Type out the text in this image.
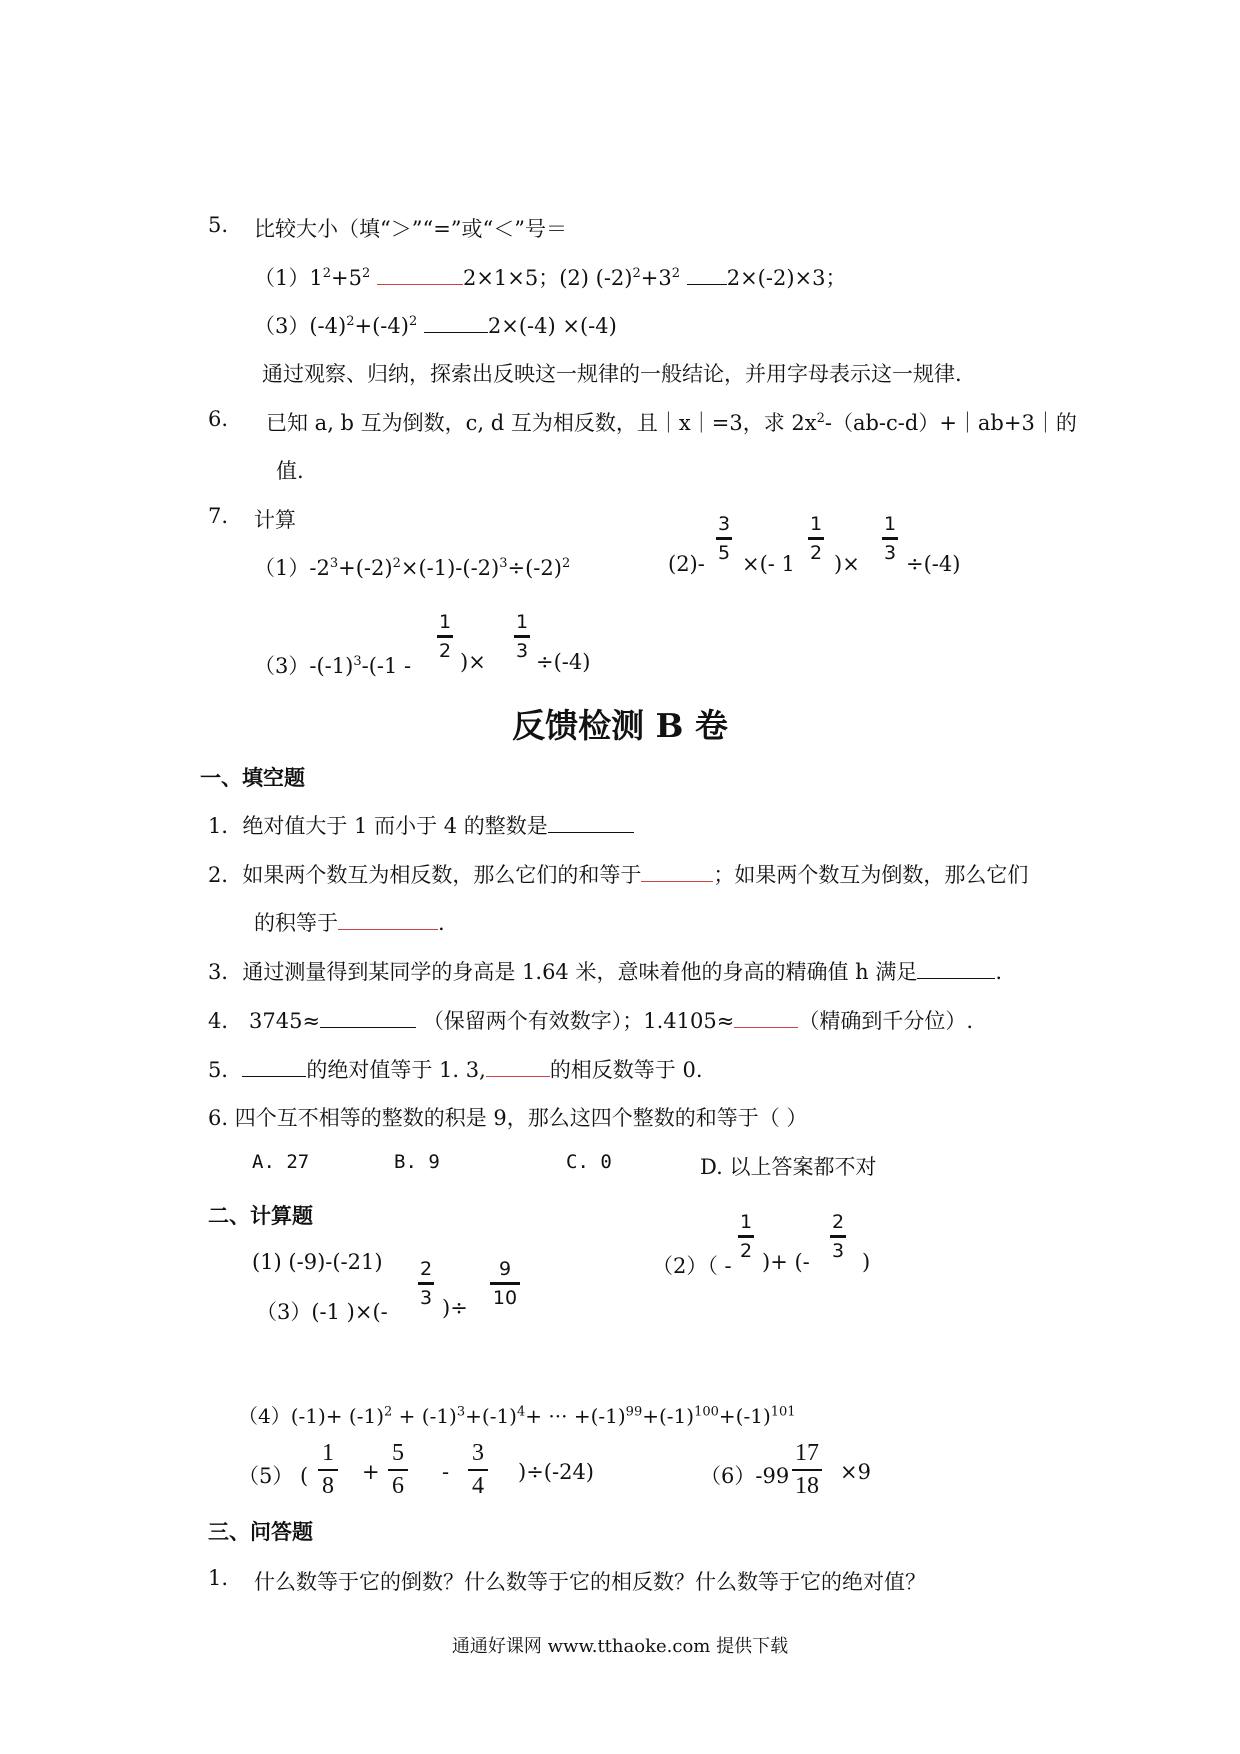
5. 比较大小（填“＞”“=”或“＜”号＝
$(1)1^2+5^2$	2×1×5；(2) $(-2)^2+3^2$ 2×(-2)×3；
$(3)(-4)^2+(-4)^2$	2×(-4) ×(-4)
通过观察、归纳，探索出反映这一规律的一般结论，并用字母表示这一规律.
6. 已知 a, b 互为倒数，c, d 互为相反数，且｜x｜=3，求 $2x^2-(ab-c-d)+|ab+3|$的
值.
7. 计算
$(1)-2^3+(-2)^2\times(-1)-(-2)^3\div(-2)^2$	(2)-
3
5 ×(- 1
1
2 )×
1
3 ÷(-4)
$(3)-(-1)^3-(-1$ -
1
2 )×
1
3 ÷(-4)
反馈检测 B 卷
一、填空题
1．绝对值大于 1 而小于 4 的整数是
2．如果两个数互为相反数，那么它们的和等于	；如果两个数互为倒数，那么它们
的积等于	.
3．通过测量得到某同学的身高是 1.64 米，意味着他的身高的精确值 h 满足	.
4． 3745≈	（保留两个有效数字）；1.4105≈	（精确到千分位）.
5．	的绝对值等于 1. 3,	的相反数等于 0.
6. 四个互不相等的整数的积是 9，那么这四个整数的和等于（ ）
A. 27	B. 9	C. 0	D. 以上答案都不对
二、计算题
(1) (-9)-(-21)	（2）（ -
1
2 )+ (-
2
3 )
（3）(-1 )×(-
2
3 )÷
9
10
$(4)(-1)+ (-1)^2 + (-1)^3+(-1)^4+$ ··· $+(-1)^{99}+(-1)^{100}+(-1)^{101}$
（5） (
1
8
+
5
6
-
3
4
)÷(-24)	（6）-99
17
18
×9
三、问答题
1. 什么数等于它的倒数？什么数等于它的相反数？什么数等于它的绝对值？
通通好课网 www.tthaoke.com 提供下载
